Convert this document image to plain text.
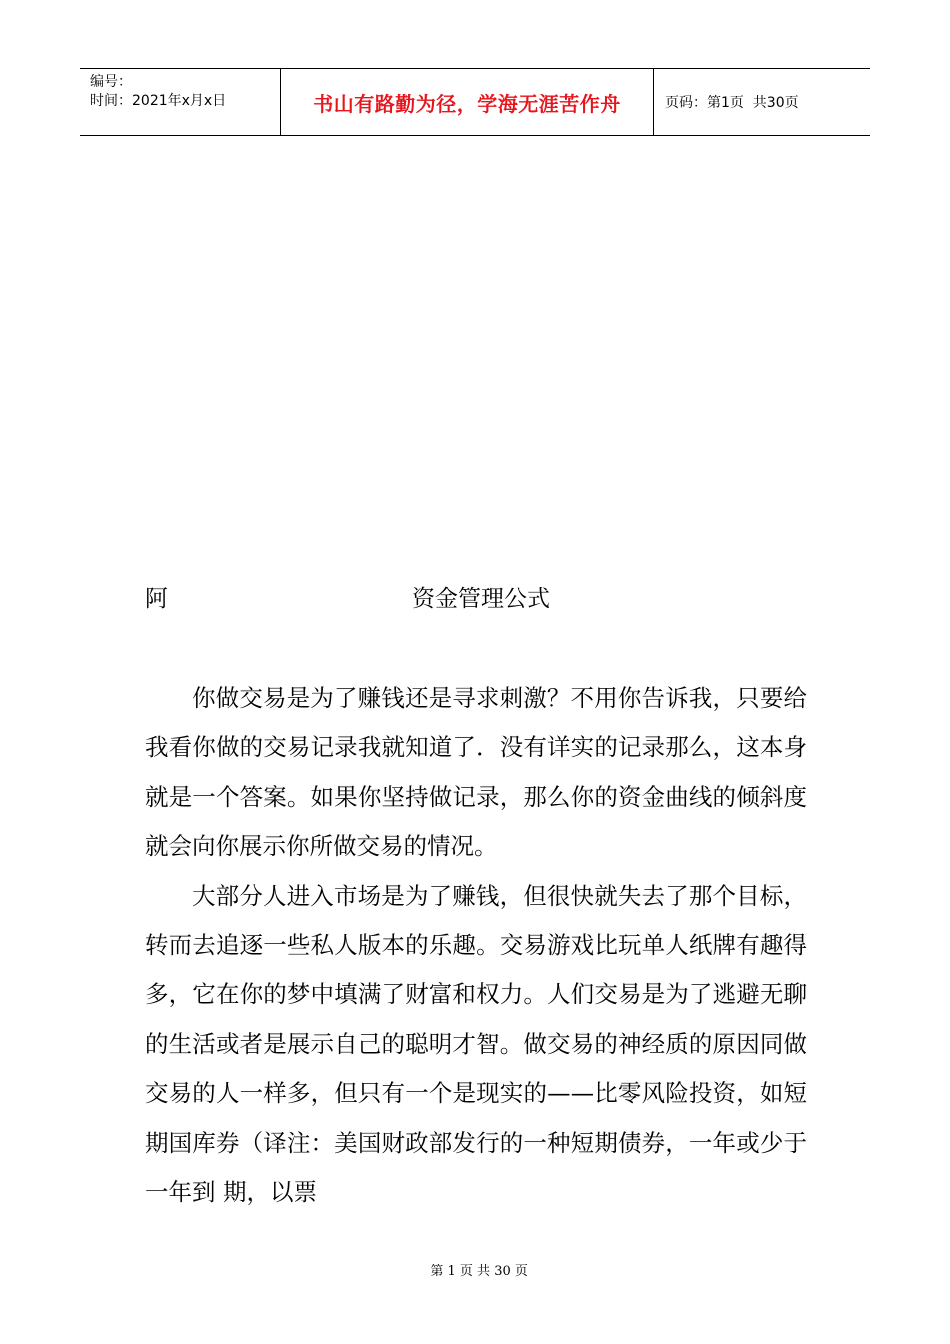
编号：
时间：2021年x月x日	书山有路勤为径，学海无涯苦作舟	页码：第1页  共30页
阿	资金管理公式

你做交易是为了赚钱还是寻求刺激？不用你告诉我，只要给我看你做的交易记录我就知道了．没有详实的记录那么，这本身就是一个答案。如果你坚持做记录，那么你的资金曲线的倾斜度就会向你展示你所做交易的情况。

大部分人进入市场是为了赚钱，但很快就失去了那个目标，转而去追逐一些私人版本的乐趣。交易游戏比玩单人纸牌有趣得多，它在你的梦中填满了财富和权力。人们交易是为了逃避无聊的生活或者是展示自己的聪明才智。做交易的神经质的原因同做交易的人一样多，但只有一个是现实的——比零风险投资，如短期国库券（译注：美国财政部发行的一种短期债券，一年或少于一年到 期，以票

第 1 页 共 30 页
